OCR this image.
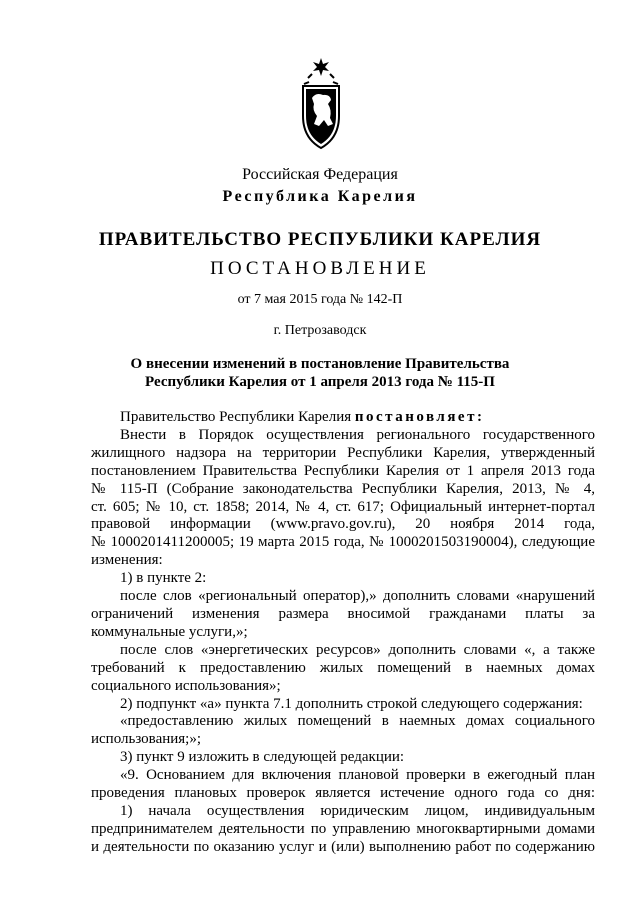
Российская Федерация
Республика Карелия
ПРАВИТЕЛЬСТВО РЕСПУБЛИКИ КАРЕЛИЯ
ПОСТАНОВЛЕНИЕ
от 7 мая 2015 года № 142-П
г. Петрозаводск
О внесении изменений в постановление Правительства
Республики Карелия от 1 апреля 2013 года № 115-П

Правительство Республики Карелия постановляет:

Внести в Порядок осуществления регионального государственного

жилищного надзора на территории Республики Карелия, утвержденный

постановлением Правительства Республики Карелия от 1 апреля 2013 года

№ 115-П (Собрание законодательства Республики Карелия, 2013, № 4,

ст. 605; № 10, ст. 1858; 2014, № 4, ст. 617; Официальный интернет-портал

правовой информации (www.pravo.gov.ru), 20 ноября 2014 года,

№ 1000201411200005; 19 марта 2015 года, № 1000201503190004), следующие

изменения:

1) в пункте 2:

после слов «региональный оператор),» дополнить словами «нарушений

ограничений изменения размера вносимой гражданами платы за

коммунальные услуги,»;

после слов «энергетических ресурсов» дополнить словами «, а также

требований к предоставлению жилых помещений в наемных домах

социального использования»;

2) подпункт «а» пункта 7.1 дополнить строкой следующего содержания:

«предоставлению жилых помещений в наемных домах социального

использования;»;

3) пункт 9 изложить в следующей редакции:

«9. Основанием для включения плановой проверки в ежегодный план

проведения плановых проверок является истечение одного года со дня:

1) начала осуществления юридическим лицом, индивидуальным

предпринимателем деятельности по управлению многоквартирными домами

и деятельности по оказанию услуг и (или) выполнению работ по содержанию
